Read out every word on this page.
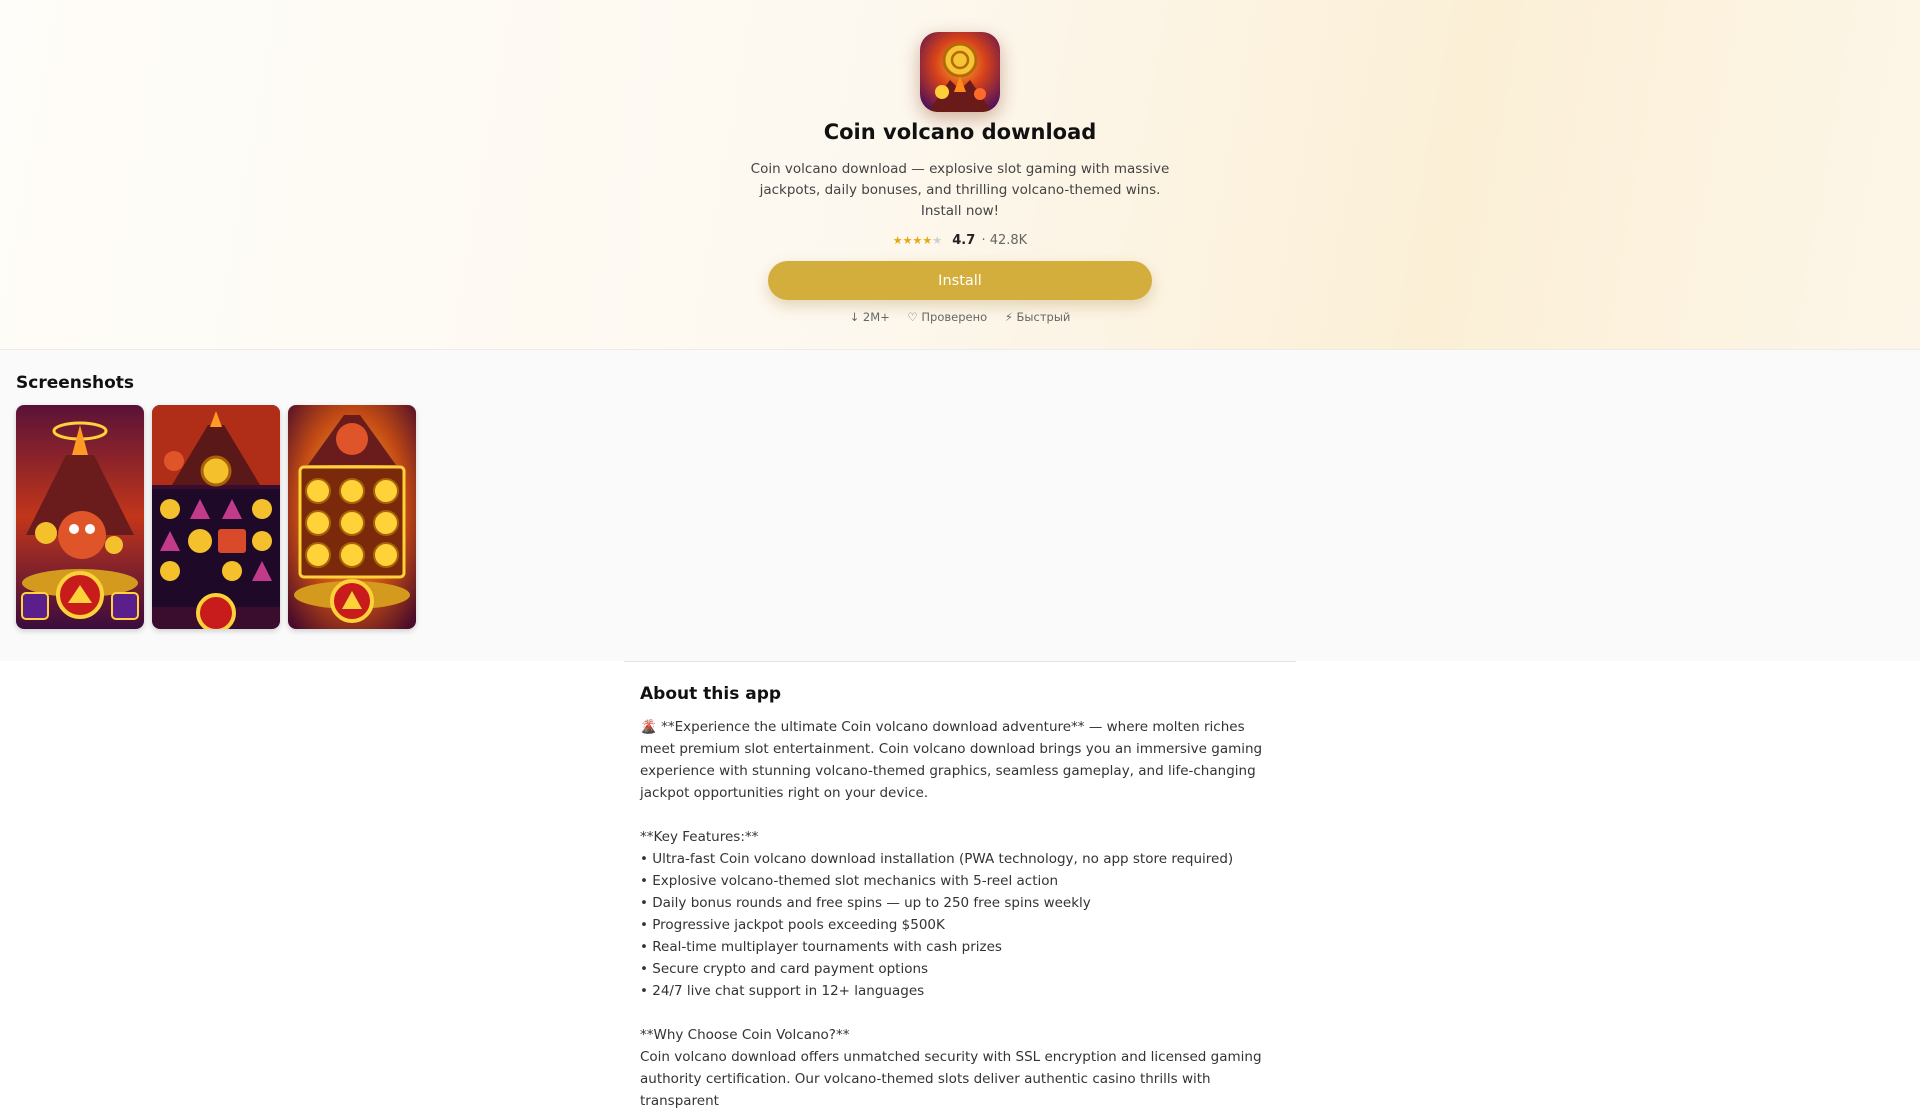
Coin volcano download
Coin volcano download — explosive slot gaming with massive jackpots, daily bonuses, and thrilling volcano-themed wins. Install now!
★★★★★ 4.7 · 42.8K
Install
↓ 2M+ ♡ Проверено ⚡ Быстрый
Screenshots
About this app

🌋 **Experience the ultimate Coin volcano download adventure** — where molten riches meet premium slot entertainment. Coin volcano download brings you an immersive gaming experience with stunning volcano-themed graphics, seamless gameplay, and life-changing jackpot opportunities right on your device.

**Key Features:**

• Ultra-fast Coin volcano download installation (PWA technology, no app store required)

• Explosive volcano-themed slot mechanics with 5-reel action

• Daily bonus rounds and free spins — up to 250 free spins weekly

• Progressive jackpot pools exceeding $500K

• Real-time multiplayer tournaments with cash prizes

• Secure crypto and card payment options

• 24/7 live chat support in 12+ languages

**Why Choose Coin Volcano?**

Coin volcano download offers unmatched security with SSL encryption and licensed gaming authority certification. Our volcano-themed slots deliver authentic casino thrills with transparent
